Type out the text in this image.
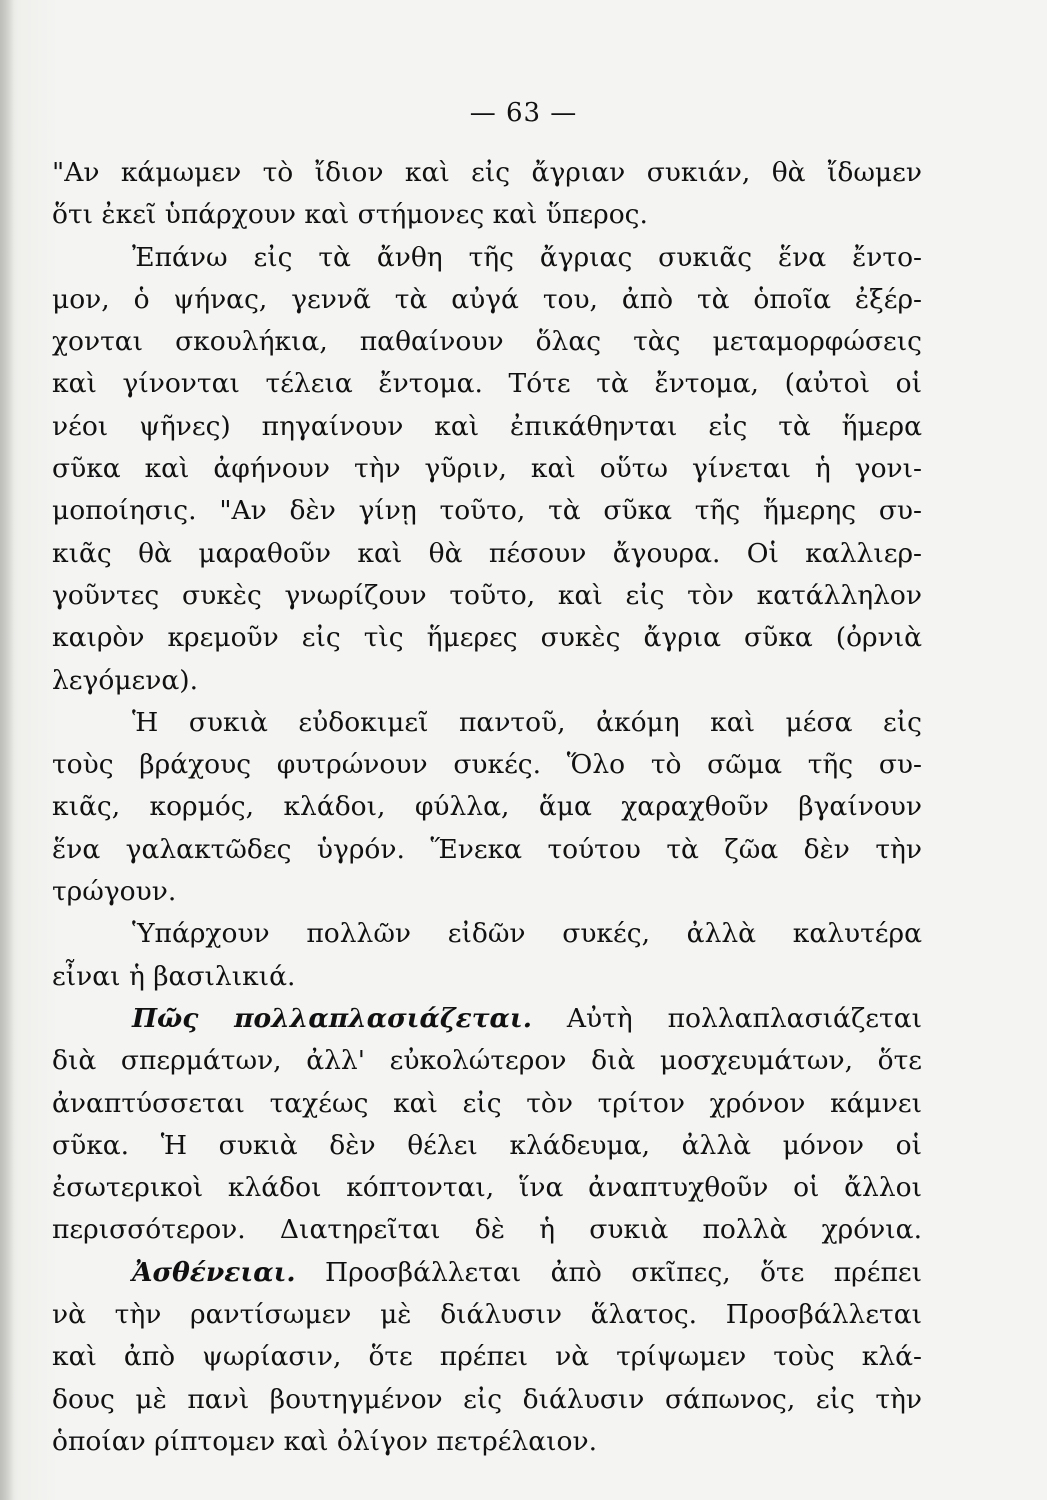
— 63 —
"Αν κάμωμεν τὸ ἴδιον καὶ εἰς ἄγριαν συκιάν, θὰ ἴδωμεν
ὅτι ἐκεῖ ὑπάρχουν καὶ στήμονες καὶ ὕπερος.
Ἐπάνω εἰς τὰ ἄνθη τῆς ἄγριας συκιᾶς ἕνα ἔντο-
μον, ὁ ψήνας, γεννᾶ τὰ αὐγά του, ἀπὸ τὰ ὁποῖα ἐξέρ-
χονται σκουλήκια, παθαίνουν ὅλας τὰς μεταμορφώσεις
καὶ γίνονται τέλεια ἔντομα. Τότε τὰ ἔντομα, (αὐτοὶ οἱ
νέοι ψῆνες) πηγαίνουν καὶ ἐπικάθηνται εἰς τὰ ἥμερα
σῦκα καὶ ἀφήνουν τὴν γῦριν, καὶ οὕτω γίνεται ἡ γονι-
μοποίησις. "Αν δὲν γίνῃ τοῦτο, τὰ σῦκα τῆς ἥμερης συ-
κιᾶς θὰ μαραθοῦν καὶ θὰ πέσουν ἄγουρα. Οἱ καλλιερ-
γοῦντες συκὲς γνωρίζουν τοῦτο, καὶ εἰς τὸν κατάλληλον
καιρὸν κρεμοῦν εἰς τὶς ἥμερες συκὲς ἄγρια σῦκα (ὀρνιὰ
λεγόμενα).
Ἡ συκιὰ εὐδοκιμεῖ παντοῦ, ἀκόμη καὶ μέσα εἰς
τοὺς βράχους φυτρώνουν συκές. Ὅλο τὸ σῶμα τῆς συ-
κιᾶς, κορμός, κλάδοι, φύλλα, ἅμα χαραχθοῦν βγαίνουν
ἕνα γαλακτῶδες ὑγρόν. Ἕνεκα τούτου τὰ ζῶα δὲν τὴν
τρώγουν.
Ὑπάρχουν πολλῶν εἰδῶν συκές, ἀλλὰ καλυτέρα
εἶναι ἡ βασιλικιά.
Πῶς πολλαπλασιάζεται. Αὐτὴ πολλαπλασιάζεται
διὰ σπερμάτων, ἀλλ' εὐκολώτερον διὰ μοσχευμάτων, ὅτε
ἀναπτύσσεται ταχέως καὶ εἰς τὸν τρίτον χρόνον κάμνει
σῦκα. Ἡ συκιὰ δὲν θέλει κλάδευμα, ἀλλὰ μόνον οἱ
ἐσωτερικοὶ κλάδοι κόπτονται, ἵνα ἀναπτυχθοῦν οἱ ἄλλοι
περισσότερον. Διατηρεῖται δὲ ἡ συκιὰ πολλὰ χρόνια.
Ἀσθένειαι. Προσβάλλεται ἀπὸ σκῖπες, ὅτε πρέπει
νὰ τὴν ραντίσωμεν μὲ διάλυσιν ἅλατος. Προσβάλλεται
καὶ ἀπὸ ψωρίασιν, ὅτε πρέπει νὰ τρίψωμεν τοὺς κλά-
δους μὲ πανὶ βουτηγμένον εἰς διάλυσιν σάπωνος, εἰς τὴν
ὁποίαν ρίπτομεν καὶ ὀλίγον πετρέλαιον.
